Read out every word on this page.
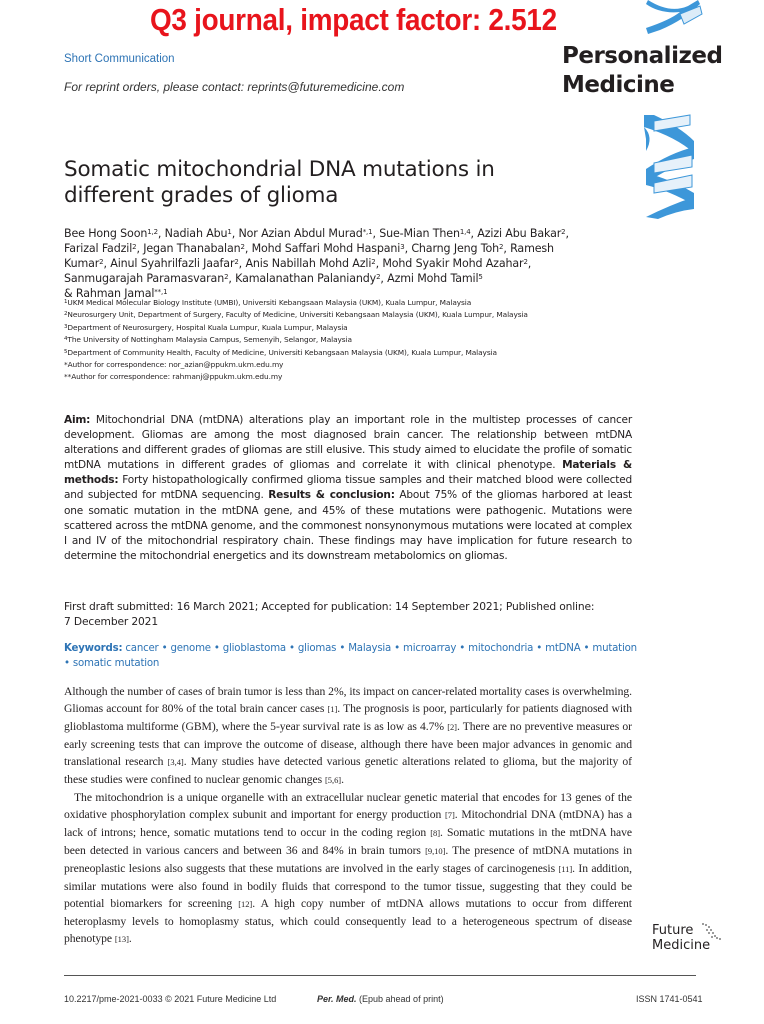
Q3 journal, impact factor: 2.512
Short Communication
For reprint orders, please contact: reprints@futuremedicine.com
Personalized
Medicine
Somatic mitochondrial DNA mutations in
different grades of glioma
Bee Hong Soon$^{1,2}$, Nadiah Abu$^1$, Nor Azian Abdul Murad$^{*,1}$, Sue-Mian Then$^{1,4}$, Azizi Abu Bakar$^2$, Farizal Fadzil$^2$, Jegan Thanabalan$^2$, Mohd Saffari Mohd Haspani$^3$, Charng Jeng Toh$^2$, Ramesh Kumar$^2$, Ainul Syahrilfazli Jaafar$^2$, Anis Nabillah Mohd Azli$^2$, Mohd Syakir Mohd Azahar$^2$, Sanmugarajah Paramasvaran$^2$, Kamalanathan Palaniandy$^2$, Azmi Mohd Tamil$^5$
& Rahman Jamal$^{**,1}$
$^1$UKM Medical Molecular Biology Institute (UMBI), Universiti Kebangsaan Malaysia (UKM), Kuala Lumpur, Malaysia
$^2$Neurosurgery Unit, Department of Surgery, Faculty of Medicine, Universiti Kebangsaan Malaysia (UKM), Kuala Lumpur, Malaysia
$^3$Department of Neurosurgery, Hospital Kuala Lumpur, Kuala Lumpur, Malaysia
$^4$The University of Nottingham Malaysia Campus, Semenyih, Selangor, Malaysia
$^5$Department of Community Health, Faculty of Medicine, Universiti Kebangsaan Malaysia (UKM), Kuala Lumpur, Malaysia
*Author for correspondence: nor_azian@ppukm.ukm.edu.my
**Author for correspondence: rahmanj@ppukm.ukm.edu.my
Aim: Mitochondrial DNA (mtDNA) alterations play an important role in the multistep processes of cancer development. Gliomas are among the most diagnosed brain cancer. The relationship between mtDNA alterations and different grades of gliomas are still elusive. This study aimed to elucidate the profile of somatic mtDNA mutations in different grades of gliomas and correlate it with clinical phenotype. Materials & methods: Forty histopathologically confirmed glioma tissue samples and their matched blood were collected and subjected for mtDNA sequencing. Results & conclusion: About 75% of the gliomas harbored at least one somatic mutation in the mtDNA gene, and 45% of these mutations were pathogenic. Mutations were scattered across the mtDNA genome, and the commonest nonsynonymous mutations were located at complex I and IV of the mitochondrial respiratory chain. These findings may have implication for future research to determine the mitochondrial energetics and its downstream metabolomics on gliomas.
First draft submitted: 16 March 2021; Accepted for publication: 14 September 2021; Published online:
7 December 2021
Keywords: cancer • genome • glioblastoma • gliomas • Malaysia • microarray • mitochondria • mtDNA • mutation • somatic mutation

Although the number of cases of brain tumor is less than 2%, its impact on cancer-related mortality cases is overwhelming. Gliomas account for 80% of the total brain cancer cases [1]. The prognosis is poor, particularly for patients diagnosed with glioblastoma multiforme (GBM), where the 5-year survival rate is as low as 4.7% [2]. There are no preventive measures or early screening tests that can improve the outcome of disease, although there have been major advances in genomic and translational research [3,4]. Many studies have detected various genetic alterations related to glioma, but the majority of these studies were confined to nuclear genomic changes [5,6].

The mitochondrion is a unique organelle with an extracellular nuclear genetic material that encodes for 13 genes of the oxidative phosphorylation complex subunit and important for energy production [7]. Mitochondrial DNA (mtDNA) has a lack of introns; hence, somatic mutations tend to occur in the coding region [8]. Somatic mutations in the mtDNA have been detected in various cancers and between 36 and 84% in brain tumors [9,10]. The presence of mtDNA mutations in preneoplastic lesions also suggests that these mutations are involved in the early stages of carcinogenesis [11]. In addition, similar mutations were also found in bodily fluids that correspond to the tumor tissue, suggesting that they could be potential biomarkers for screening [12]. A high copy number of mtDNA allows mutations to occur from different heteroplasmy levels to homoplasmy status, which could consequently lead to a heterogeneous spectrum of disease phenotype [13].

Future
Medicine
10.2217/pme-2021-0033 © 2021 Future Medicine Ltd	Per. Med. (Epub ahead of print)	ISSN 1741-0541
